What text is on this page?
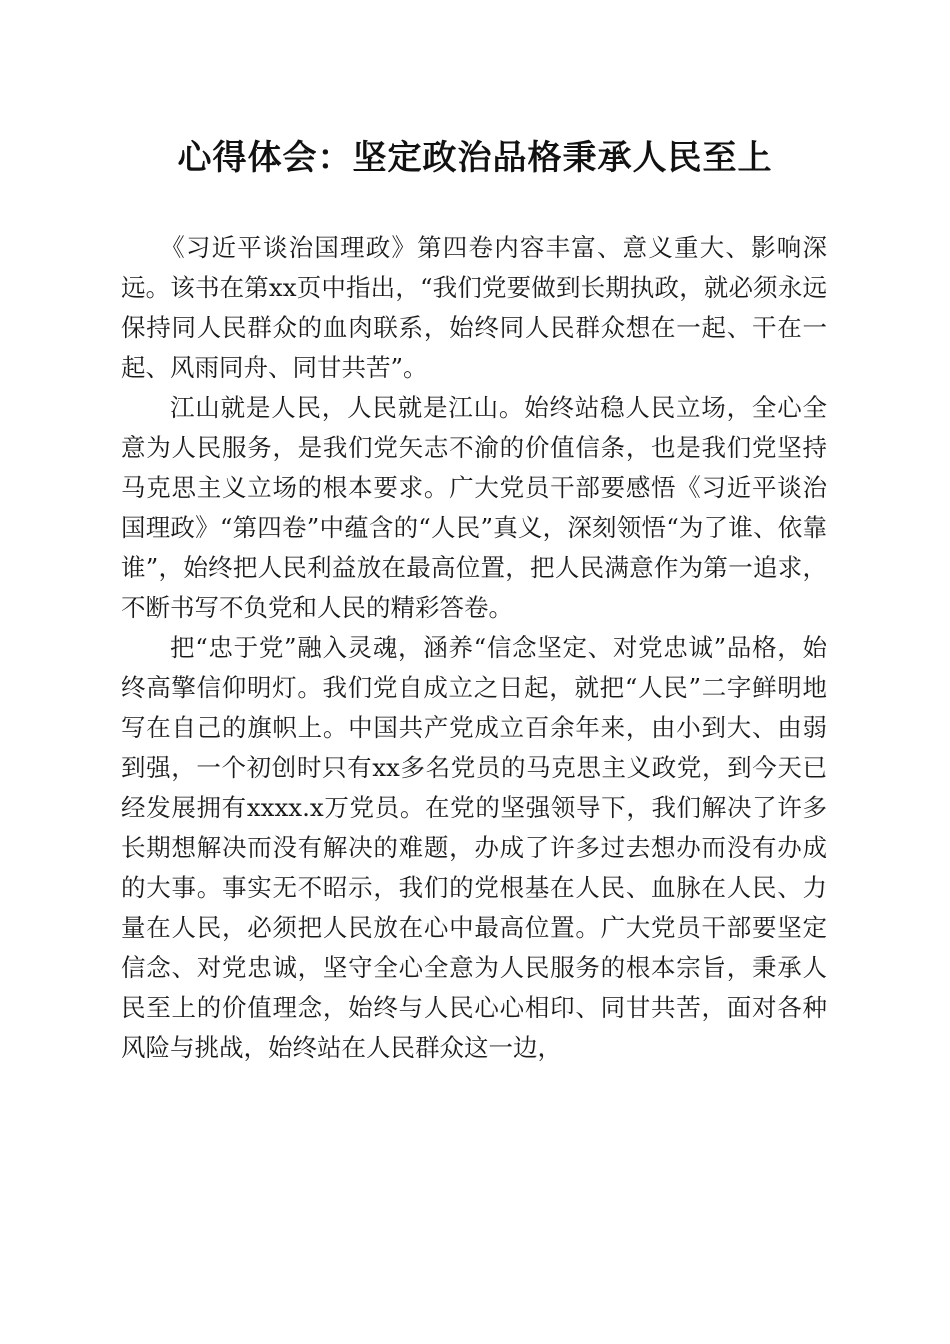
心得体会：坚定政治品格秉承人民至上

《习近平谈治国理政》第四卷内容丰富、意义重大、影响深远。该书在第xx页中指出，“我们党要做到长期执政，就必须永远保持同人民群众的血肉联系，始终同人民群众想在一起、干在一起、风雨同舟、同甘共苦”。

江山就是人民，人民就是江山。始终站稳人民立场，全心全意为人民服务，是我们党矢志不渝的价值信条，也是我们党坚持马克思主义立场的根本要求。广大党员干部要感悟《习近平谈治国理政》“第四卷”中蕴含的“人民”真义，深刻领悟“为了谁、依靠谁”，始终把人民利益放在最高位置，把人民满意作为第一追求，不断书写不负党和人民的精彩答卷。

把“忠于党”融入灵魂，涵养“信念坚定、对党忠诚”品格，始终高擎信仰明灯。我们党自成立之日起，就把“人民”二字鲜明地写在自己的旗帜上。中国共产党成立百余年来，由小到大、由弱到强，一个初创时只有xx多名党员的马克思主义政党，到今天已经发展拥有xxxx.x万党员。在党的坚强领导下，我们解决了许多长期想解决而没有解决的难题，办成了许多过去想办而没有办成的大事。事实无不昭示，我们的党根基在人民、血脉在人民、力量在人民，必须把人民放在心中最高位置。广大党员干部要坚定信念、对党忠诚，坚守全心全意为人民服务的根本宗旨，秉承人民至上的价值理念，始终与人民心心相印、同甘共苦，面对各种风险与挑战，始终站在人民群众这一边，
